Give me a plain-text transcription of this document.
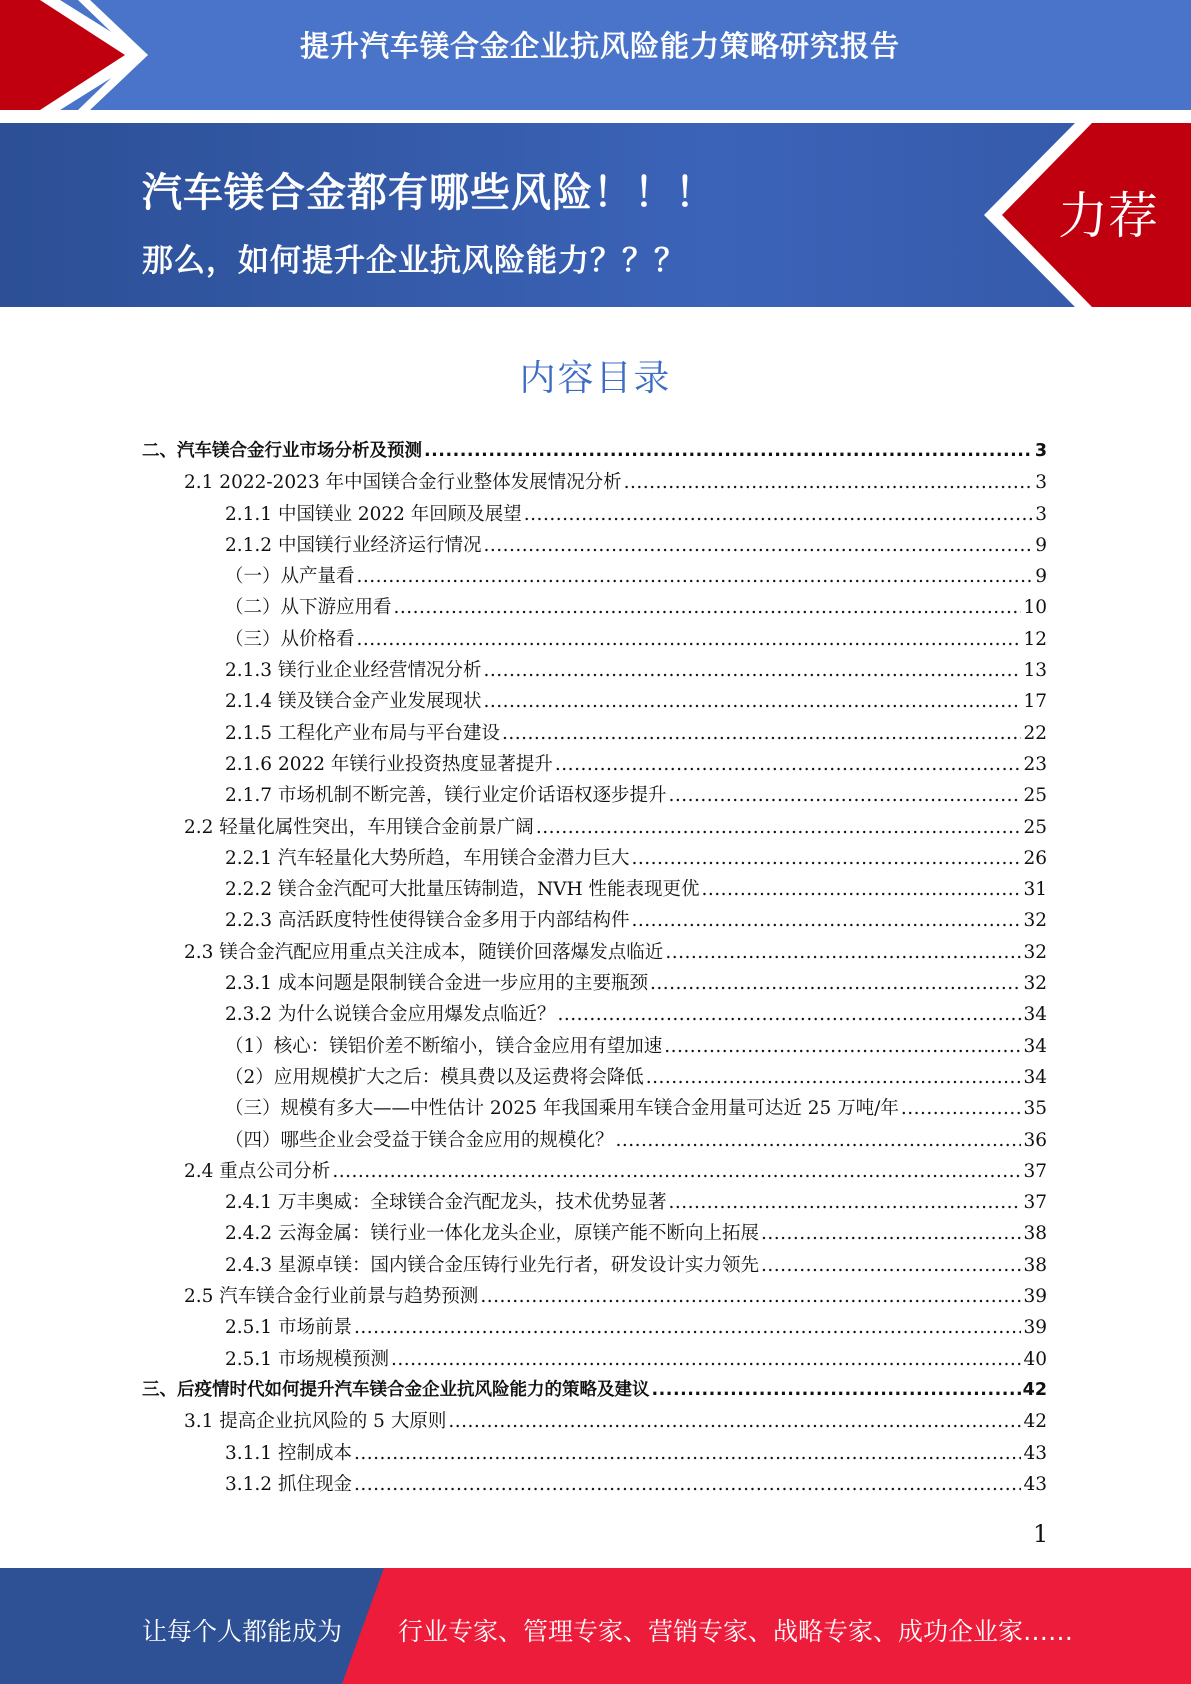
提升汽车镁合金企业抗风险能力策略研究报告
汽车镁合金都有哪些风险！！！
那么，如何提升企业抗风险能力？？？
力荐
内容目录
二、汽车镁合金行业市场分析及预测 .....	3
2.1 2022-2023 年中国镁合金行业整体发展情况分析 .....	3
2.1.1 中国镁业 2022 年回顾及展望 .....	3
2.1.2 中国镁行业经济运行情况 .....	9
（一）从产量看 .....	9
（二）从下游应用看 .....	10
（三）从价格看 .....	12
2.1.3 镁行业企业经营情况分析 .....	13
2.1.4 镁及镁合金产业发展现状 .....	17
2.1.5 工程化产业布局与平台建设 .....	22
2.1.6 2022 年镁行业投资热度显著提升 .....	23
2.1.7 市场机制不断完善，镁行业定价话语权逐步提升 .....	25
2.2 轻量化属性突出，车用镁合金前景广阔 .....	25
2.2.1 汽车轻量化大势所趋，车用镁合金潜力巨大 .....	26
2.2.2 镁合金汽配可大批量压铸制造，NVH 性能表现更优 .....	31
2.2.3 高活跃度特性使得镁合金多用于内部结构件 .....	32
2.3 镁合金汽配应用重点关注成本，随镁价回落爆发点临近 .....	32
2.3.1 成本问题是限制镁合金进一步应用的主要瓶颈 .....	32
2.3.2 为什么说镁合金应用爆发点临近？ .....	34
（1）核心：镁铝价差不断缩小，镁合金应用有望加速 .....	34
（2）应用规模扩大之后：模具费以及运费将会降低 .....	34
（三）规模有多大——中性估计 2025 年我国乘用车镁合金用量可达近 25 万吨/年 .....	35
（四）哪些企业会受益于镁合金应用的规模化？ .....	36
2.4 重点公司分析 .....	37
2.4.1 万丰奥威：全球镁合金汽配龙头，技术优势显著 .....	37
2.4.2 云海金属：镁行业一体化龙头企业，原镁产能不断向上拓展 .....	38
2.4.3 星源卓镁：国内镁合金压铸行业先行者，研发设计实力领先 .....	38
2.5 汽车镁合金行业前景与趋势预测 .....	39
2.5.1 市场前景 .....	39
2.5.1 市场规模预测 .....	40
三、后疫情时代如何提升汽车镁合金企业抗风险能力的策略及建议 .....	42
3.1 提高企业抗风险的 5 大原则 .....	42
3.1.1 控制成本 .....	43
3.1.2 抓住现金 .....	43
1
让每个人都能成为 行业专家、管理专家、营销专家、战略专家、成功企业家……
